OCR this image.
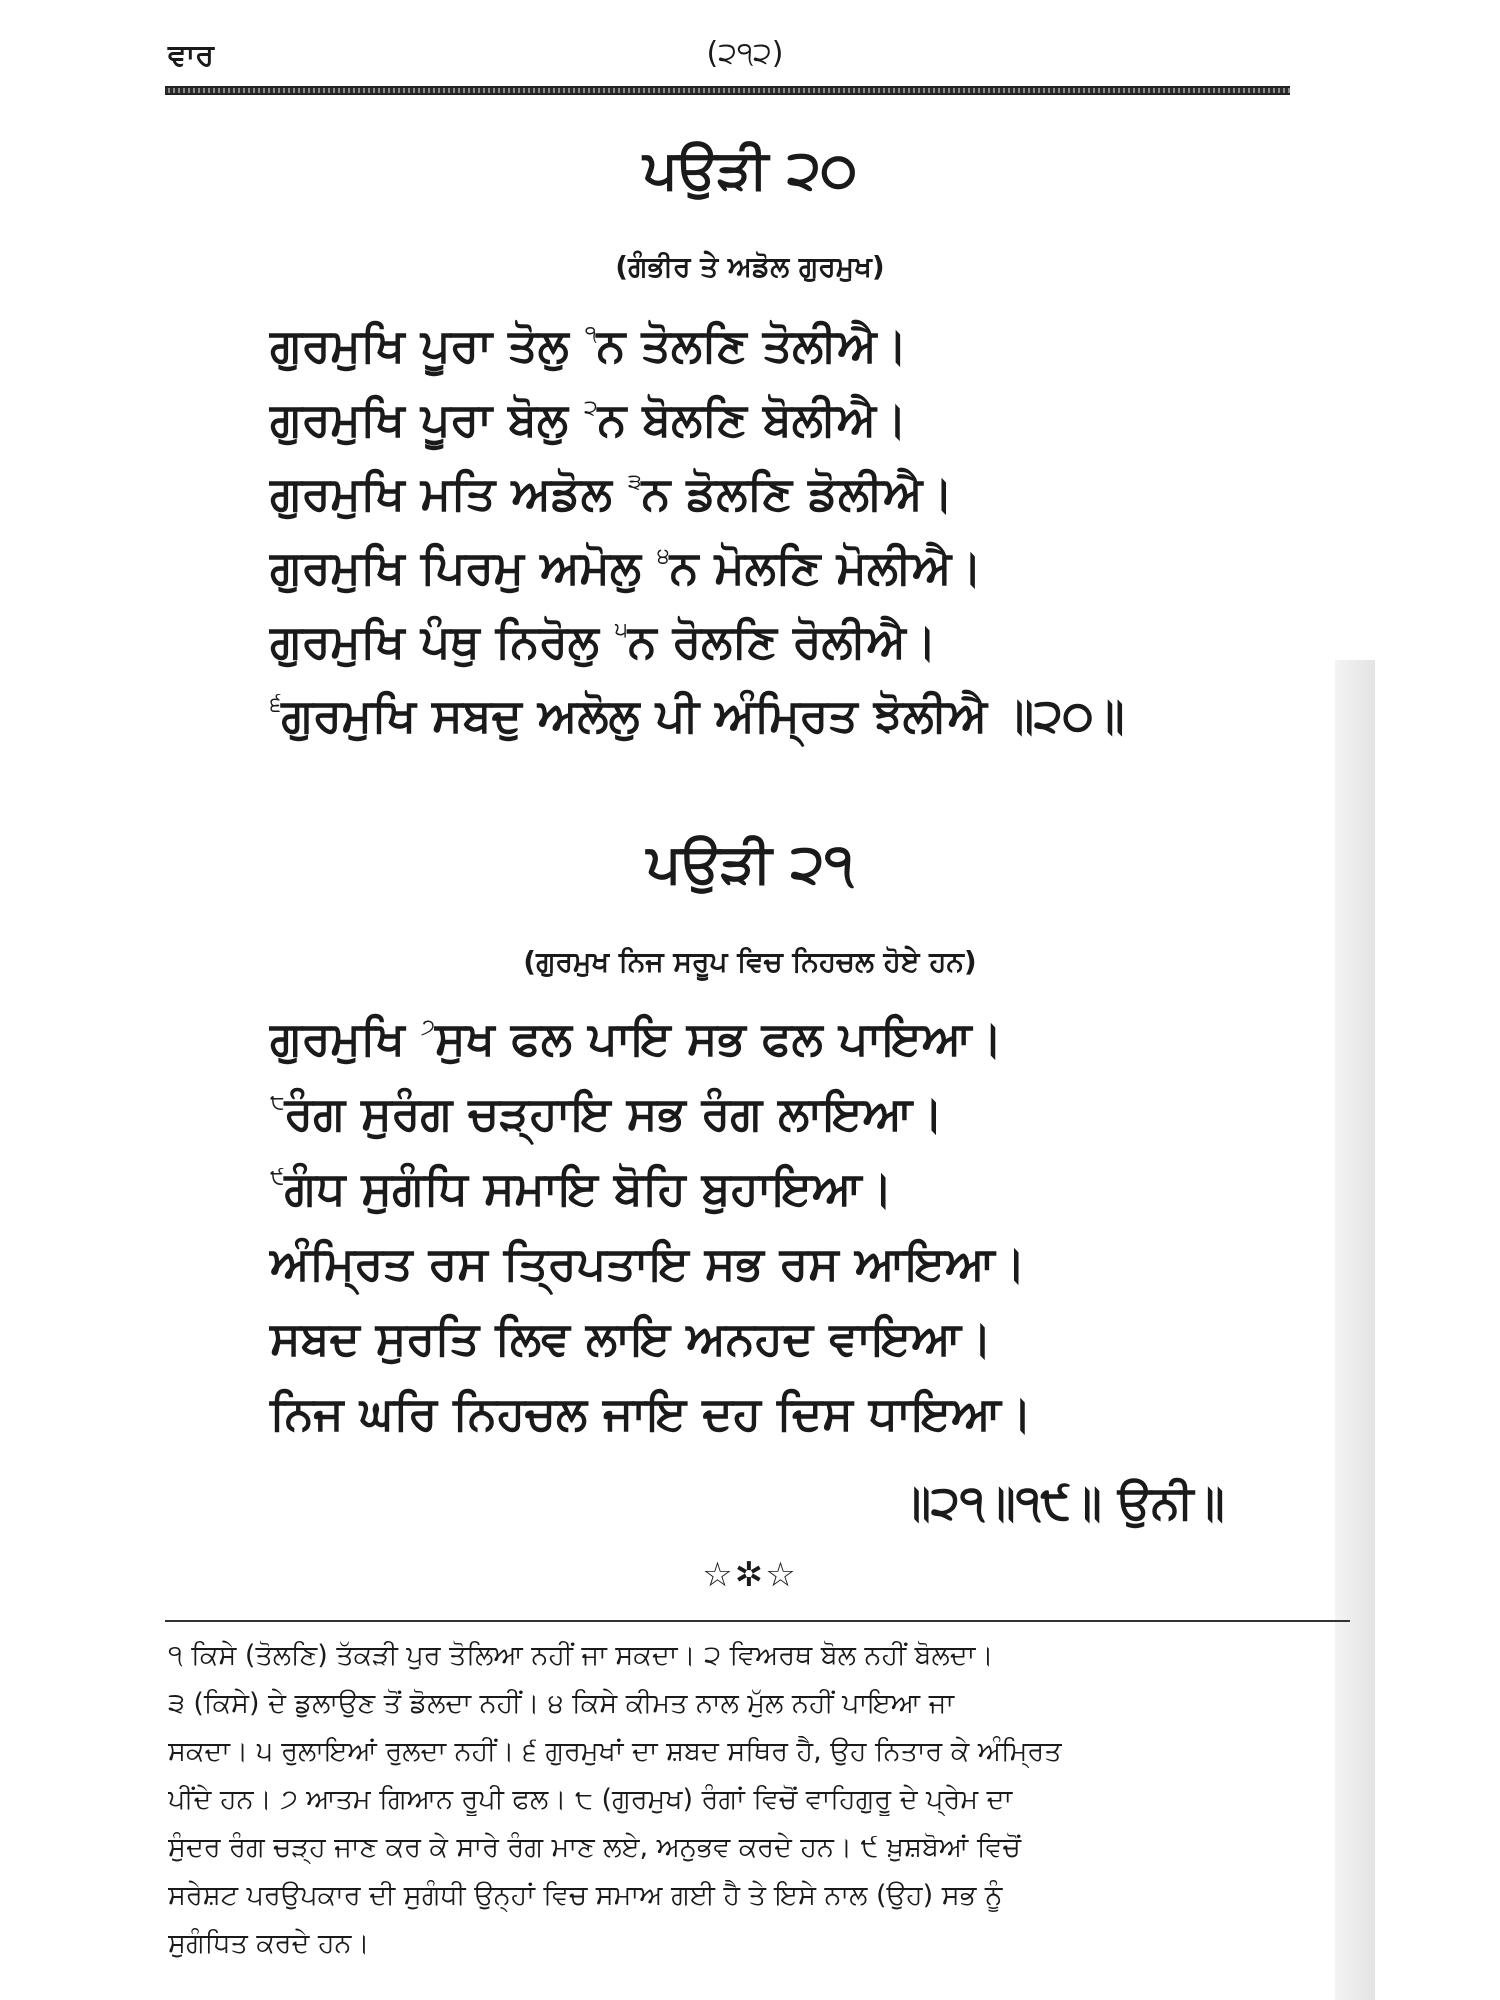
ਵਾਰ	(੨੧੨)
ਪਉੜੀ ੨੦
(ਗੰਭੀਰ ਤੇ ਅਡੋਲ ਗੁਰਮੁਖ)
ਗੁਰਮੁਖਿ ਪੂਰਾ ਤੋਲੁ $^੧$ਨ ਤੋਲਣਿ ਤੋਲੀਐ।
ਗੁਰਮੁਖਿ ਪੂਰਾ ਬੋਲੁ $^੨$ਨ ਬੋਲਣਿ ਬੋਲੀਐ।
ਗੁਰਮੁਖਿ ਮਤਿ ਅਡੋਲ $^੩$ਨ ਡੋਲਣਿ ਡੋਲੀਐ।
ਗੁਰਮੁਖਿ ਪਿਰਮੁ ਅਮੋਲੁ $^੪$ਨ ਮੋਲਣਿ ਮੋਲੀਐ।
ਗੁਰਮੁਖਿ ਪੰਥੁ ਨਿਰੋਲੁ $^੫$ਨ ਰੋਲਣਿ ਰੋਲੀਐ।
$^੬$ਗੁਰਮੁਖਿ ਸਬਦੁ ਅਲੋਲੁ ਪੀ ਅੰਮ੍ਰਿਤ ਝੋਲੀਐ ॥੨੦॥
ਪਉੜੀ ੨੧
(ਗੁਰਮੁਖ ਨਿਜ ਸਰੂਪ ਵਿਚ ਨਿਹਚਲ ਹੋਏ ਹਨ)
ਗੁਰਮੁਖਿ $^੭$ਸੁਖ ਫਲ ਪਾਇ ਸਭ ਫਲ ਪਾਇਆ।
$^੮$ਰੰਗ ਸੁਰੰਗ ਚੜ੍ਹਾਇ ਸਭ ਰੰਗ ਲਾਇਆ।
$^੯$ਗੰਧ ਸੁਗੰਧਿ ਸਮਾਇ ਬੋਹਿ ਬੁਹਾਇਆ।
ਅੰਮ੍ਰਿਤ ਰਸ ਤ੍ਰਿਪਤਾਇ ਸਭ ਰਸ ਆਇਆ।
ਸਬਦ ਸੁਰਤਿ ਲਿਵ ਲਾਇ ਅਨਹਦ ਵਾਇਆ।
ਨਿਜ ਘਰਿ ਨਿਹਚਲ ਜਾਇ ਦਹ ਦਿਸ ਧਾਇਆ।
॥੨੧॥੧੯॥ ਉਨੀ॥
☆✲☆
੧ ਕਿਸੇ (ਤੋਲਣਿ) ਤੱਕੜੀ ਪੁਰ ਤੋਲਿਆ ਨਹੀਂ ਜਾ ਸਕਦਾ। ੨ ਵਿਅਰਥ ਬੋਲ ਨਹੀਂ ਬੋਲਦਾ।
੩ (ਕਿਸੇ) ਦੇ ਡੁਲਾਉਣ ਤੋਂ ਡੋਲਦਾ ਨਹੀਂ। ੪ ਕਿਸੇ ਕੀਮਤ ਨਾਲ ਮੁੱਲ ਨਹੀਂ ਪਾਇਆ ਜਾ
ਸਕਦਾ। ੫ ਰੁਲਾਇਆਂ ਰੁਲਦਾ ਨਹੀਂ। ੬ ਗੁਰਮੁਖਾਂ ਦਾ ਸ਼ਬਦ ਸਥਿਰ ਹੈ, ਉਹ ਨਿਤਾਰ ਕੇ ਅੰਮ੍ਰਿਤ
ਪੀਂਦੇ ਹਨ। ੭ ਆਤਮ ਗਿਆਨ ਰੂਪੀ ਫਲ। ੮ (ਗੁਰਮੁਖ) ਰੰਗਾਂ ਵਿਚੋਂ ਵਾਹਿਗੁਰੂ ਦੇ ਪ੍ਰੇਮ ਦਾ
ਸੁੰਦਰ ਰੰਗ ਚੜ੍ਹ ਜਾਣ ਕਰ ਕੇ ਸਾਰੇ ਰੰਗ ਮਾਣ ਲਏ, ਅਨੁਭਵ ਕਰਦੇ ਹਨ। ੯ ਖ਼ੁਸ਼ਬੋਆਂ ਵਿਚੋਂ
ਸਰੇਸ਼ਟ ਪਰਉਪਕਾਰ ਦੀ ਸੁਗੰਧੀ ਉਨ੍ਹਾਂ ਵਿਚ ਸਮਾਅ ਗਈ ਹੈ ਤੇ ਇਸੇ ਨਾਲ (ਉਹ) ਸਭ ਨੂੰ
ਸੁਗੰਧਿਤ ਕਰਦੇ ਹਨ।
